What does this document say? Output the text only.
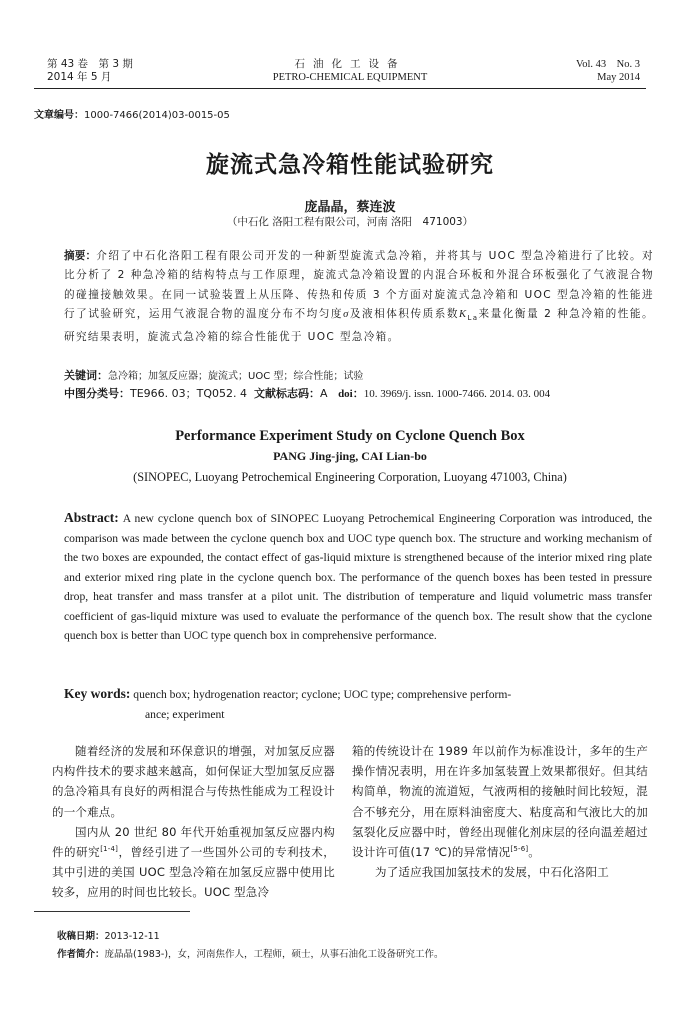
第 43 卷　第 3 期
2014 年 5 月
石油化工设备
PETRO-CHEMICAL EQUIPMENT
Vol. 43　No. 3
May 2014
文章编号：1000-7466(2014)03-0015-05
旋流式急冷箱性能试验研究
庞晶晶，蔡连波
（中石化 洛阳工程有限公司，河南 洛阳　471003）
摘要：介绍了中石化洛阳工程有限公司开发的一种新型旋流式急冷箱，并将其与 UOC 型急冷箱进行了比较。对比分析了 2 种急冷箱的结构特点与工作原理，旋流式急冷箱设置的内混合环板和外混合环板强化了气液混合物的碰撞接触效果。在同一试验装置上从压降、传热和传质 3 个方面对旋流式急冷箱和 UOC 型急冷箱的性能进行了试验研究，运用气液混合物的温度分布不均匀度σ及液相体积传质系数$K_{La}$来量化衡量 2 种急冷箱的性能。研究结果表明，旋流式急冷箱的综合性能优于 UOC 型急冷箱。
关键词：急冷箱；加氢反应器；旋流式；UOC 型；综合性能；试验
中图分类号：TE966. 03；TQ052. 4 文献标志码：A doi：10. 3969/j. issn. 1000-7466. 2014. 03. 004
Performance Experiment Study on Cyclone Quench Box
PANG Jing-jing, CAI Lian-bo
(SINOPEC, Luoyang Petrochemical Engineering Corporation, Luoyang 471003, China)
Abstract: A new cyclone quench box of SINOPEC Luoyang Petrochemical Engineering Corporation was introduced, the comparison was made between the cyclone quench box and UOC type quench box. The structure and working mechanism of the two boxes are expounded, the contact effect of gas-liquid mixture is strengthened because of the interior mixed ring plate and exterior mixed ring plate in the cyclone quench box. The performance of the quench boxes has been tested in pressure drop, heat transfer and mass transfer at a pilot unit. The distribution of temperature and liquid volumetric mass transfer coefficient of gas-liquid mixture was used to evaluate the performance of the quench box. The result show that the cyclone quench box is better than UOC type quench box in comprehensive performance.
Key words: quench box; hydrogenation reactor; cyclone; UOC type; comprehensive perform-
ance; experiment

随着经济的发展和环保意识的增强，对加氢反应器内构件技术的要求越来越高，如何保证大型加氢反应器的急冷箱具有良好的两相混合与传热性能成为工程设计的一个难点。

国内从 20 世纪 80 年代开始重视加氢反应器内构件的研究[1-4]，曾经引进了一些国外公司的专利技术，其中引进的美国 UOC 型急冷箱在加氢反应器中使用比较多，应用的时间也比较长。UOC 型急冷

箱的传统设计在 1989 年以前作为标准设计，多年的生产操作情况表明，用在许多加氢装置上效果都很好。但其结构简单，物流的流道短，气液两相的接触时间比较短，混合不够充分，用在原料油密度大、粘度高和气液比大的加氢裂化反应器中时，曾经出现催化剂床层的径向温差超过设计许可值(17 ℃)的异常情况[5-6]。

为了适应我国加氢技术的发展，中石化洛阳工

收稿日期：2013-12-11
作者简介：庞晶晶(1983-)，女，河南焦作人，工程师，硕士，从事石油化工设备研究工作。
